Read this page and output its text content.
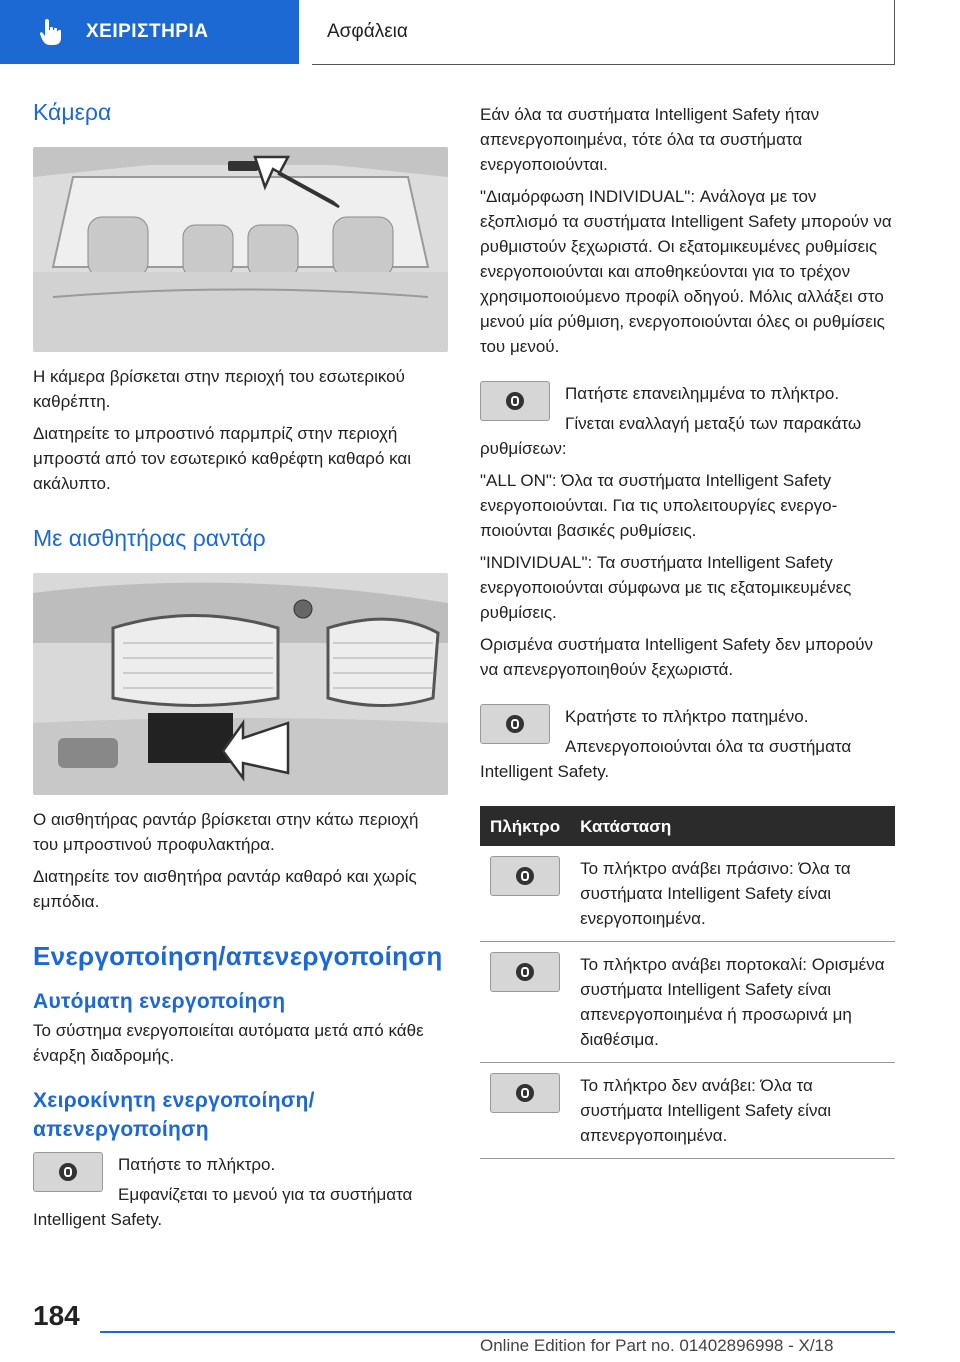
ΧΕΙΡΙΣΤΗΡΙΑ	Ασφάλεια
Κάμερα

Η κάμερα βρίσκεται στην περιοχή του εσωτερικού καθρέπτη.

Διατηρείτε το μπροστινό παρμπρίζ στην περιοχή μπροστά από τον εσωτερικό καθρέφτη καθαρό και ακάλυπτο.

Με αισθητήρας ραντάρ

Ο αισθητήρας ραντάρ βρίσκεται στην κάτω περιοχή του μπροστινού προφυλακτήρα.

Διατηρείτε τον αισθητήρα ραντάρ καθαρό και χωρίς εμπόδια.

Ενεργοποίηση/απενεργοποίηση
Αυτόματη ενεργοποίηση

Το σύστημα ενεργοποιείται αυτόματα μετά από κάθε έναρξη διαδρομής.

Χειροκίνητη ενεργοποίηση/ απενεργοποίηση

Πατήστε το πλήκτρο.

Εμφανίζεται το μενού για τα συστήματα Intelligent Safety.

Εάν όλα τα συστήματα Intelligent Safety ήταν απενεργοποιημένα, τότε όλα τα συστήματα ενεργοποιούνται.

"Διαμόρφωση INDIVIDUAL": Ανάλογα με τον εξοπλισμό τα συστήματα Intelligent Safety μπορούν να ρυθμιστούν ξεχωριστά. Οι εξατομικευμένες ρυθμίσεις ενεργοποιούνται και αποθηκεύονται για το τρέχον χρησιμοποιούμενο προφίλ οδηγού. Μόλις αλλάξει στο μενού μία ρύθμιση, ενεργοποιούνται όλες οι ρυθμίσεις του μενού.

Πατήστε επανειλημμένα το πλήκτρο.

Γίνεται εναλλαγή μεταξύ των παρακάτω ρυθμίσεων:

"ALL ON": Όλα τα συστήματα Intelligent Safety ενεργοποιούνται. Για τις υπολειτουργίες ενεργοποιούνται βασικές ρυθμίσεις.

"INDIVIDUAL": Τα συστήματα Intelligent Safety ενεργοποιούνται σύμφωνα με τις εξατομικευμένες ρυθμίσεις.

Ορισμένα συστήματα Intelligent Safety δεν μπορούν να απενεργοποιηθούν ξεχωριστά.

Κρατήστε το πλήκτρο πατημένο.

Απενεργοποιούνται όλα τα συστήματα Intelligent Safety.

Πλήκτρο	Κατάσταση

	Το πλήκτρο ανάβει πράσινο: Όλα τα συστήματα Intelligent Safety είναι ενεργοποιημένα.

	Το πλήκτρο ανάβει πορτοκαλί: Ορισμένα συστήματα Intelligent Safety είναι απενεργοποιημένα ή προσωρινά μη διαθέσιμα.

	Το πλήκτρο δεν ανάβει: Όλα τα συστήματα Intelligent Safety είναι απενεργοποιημένα.
184
Online Edition for Part no. 01402896998 - X/18
